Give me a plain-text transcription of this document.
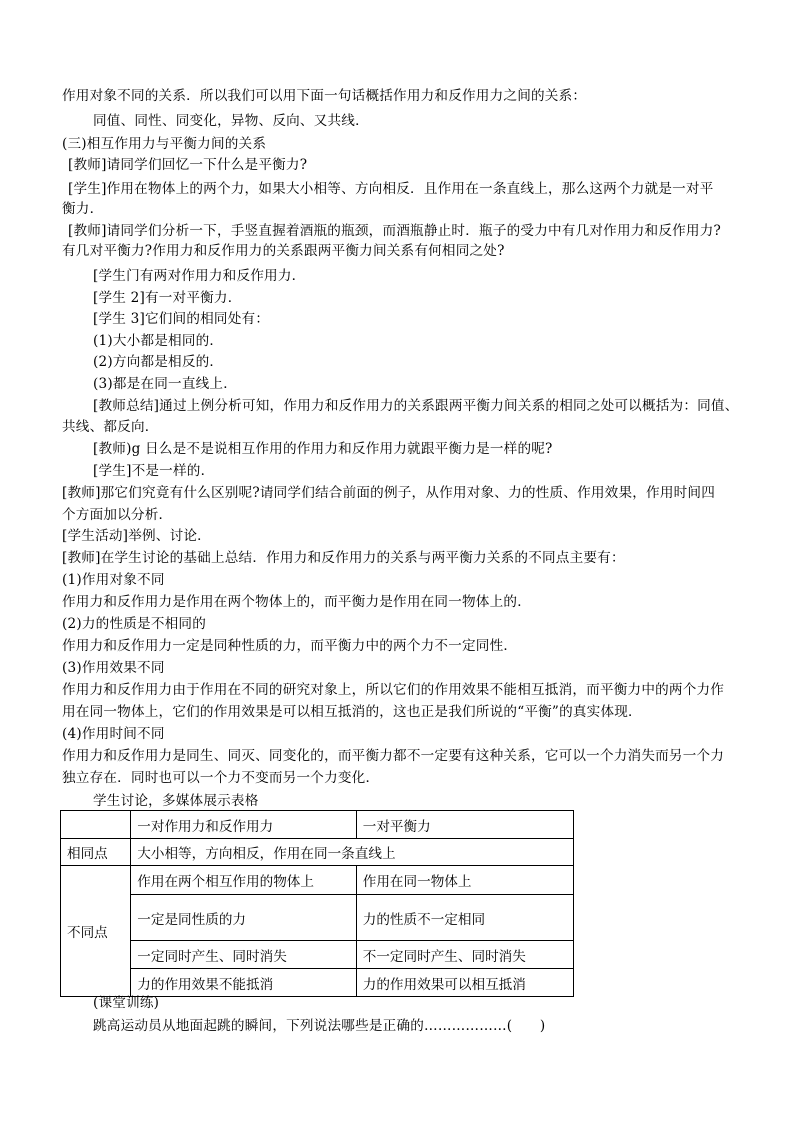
作用对象不同的关系．所以我们可以用下面一句话概括作用力和反作用力之间的关系：
同值、同性、同变化，异物、反向、又共线．
(三)相互作用力与平衡力间的关系
[教师]请同学们回忆一下什么是平衡力?
[学生]作用在物体上的两个力，如果大小相等、方向相反．且作用在一条直线上，那么这两个力就是一对平
衡力．
[教师]请同学们分析一下，手竖直握着酒瓶的瓶颈，而酒瓶静止时．瓶子的受力中有几对作用力和反作用力?
有几对平衡力?作用力和反作用力的关系跟两平衡力间关系有何相同之处?
[学生门有两对作用力和反作用力．
[学生 2]有一对平衡力．
[学生 3]它们间的相同处有：
(1)大小都是相同的．
(2)方向都是相反的．
(3)都是在同一直线上．
[教师总结]通过上例分析可知，作用力和反作用力的关系跟两平衡力间关系的相同之处可以概括为：同值、
共线、都反向．
[教师)g 日么是不是说相互作用的作用力和反作用力就跟平衡力是一样的呢?
[学生]不是一样的．
[教师]那它们究竟有什么区别呢?请同学们结合前面的例子，从作用对象、力的性质、作用效果，作用时间四
个方面加以分析．
[学生活动]举例、讨论．
[教师]在学生讨论的基础上总结．作用力和反作用力的关系与两平衡力关系的不同点主要有：
(1)作用对象不同
作用力和反作用力是作用在两个物体上的，而平衡力是作用在同一物体上的．
(2)力的性质是不相同的
作用力和反作用力一定是同种性质的力，而平衡力中的两个力不一定同性．
(3)作用效果不同
作用力和反作用力由于作用在不同的研究对象上，所以它们的作用效果不能相互抵消，而平衡力中的两个力作
用在同一物体上，它们的作用效果是可以相互抵消的，这也正是我们所说的“平衡”的真实体现．
(4)作用时间不同
作用力和反作用力是同生、同灭、同变化的，而平衡力都不一定要有这种关系，它可以一个力消失而另一个力
独立存在．同时也可以一个力不变而另一个力变化．
学生讨论，多媒体展示表格
	一对作用力和反作用力	一对平衡力
相同点	大小相等，方向相反，作用在同一条直线上	
不同点	作用在两个相互作用的物体上	作用在同一物体上
	一定是同性质的力	力的性质不一定相同
	一定同时产生、同时消失	不一定同时产生、同时消失
	力的作用效果不能抵消	力的作用效果可以相互抵消
(课堂训练)
跳高运动员从地面起跳的瞬间，下列说法哪些是正确的………………(　　)
